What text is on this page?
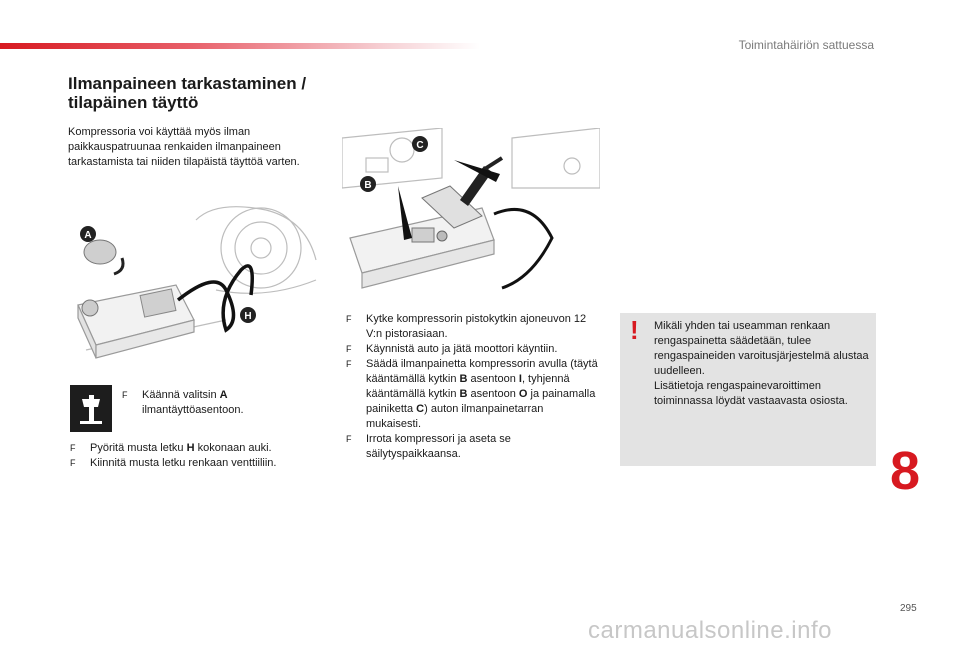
Toimintahäiriön sattuessa
Ilmanpaineen tarkastaminen /
tilapäinen täyttö
Kompressoria voi käyttää myös ilman paikkauspatruunaa renkaiden ilmanpaineen tarkastamista tai niiden tilapäistä täyttöä varten.
A
H
B
C
F Käännä valitsin A ilmantäyttöasentoon.
F Pyöritä musta letku H kokonaan auki.
F Kiinnitä musta letku renkaan venttiiliin.
F Kytke kompressorin pistokytkin ajoneuvon 12 V:n pistorasiaan.
F Käynnistä auto ja jätä moottori käyntiin.
F Säädä ilmanpainetta kompressorin avulla (täytä kääntämällä kytkin B asentoon I, tyhjennä kääntämällä kytkin B asentoon O ja painamalla painiketta C) auton ilmanpainetarran mukaisesti.
F Irrota kompressori ja aseta se säilytyspaikkaansa.
! Mikäli yhden tai useamman renkaan rengaspainetta säädetään, tulee rengaspaineiden varoitusjärjestelmä alustaa uudelleen.
Lisätietoja rengaspainevaroittimen toiminnassa löydät vastaavasta osiosta.
8
295
carmanualsonline.info
